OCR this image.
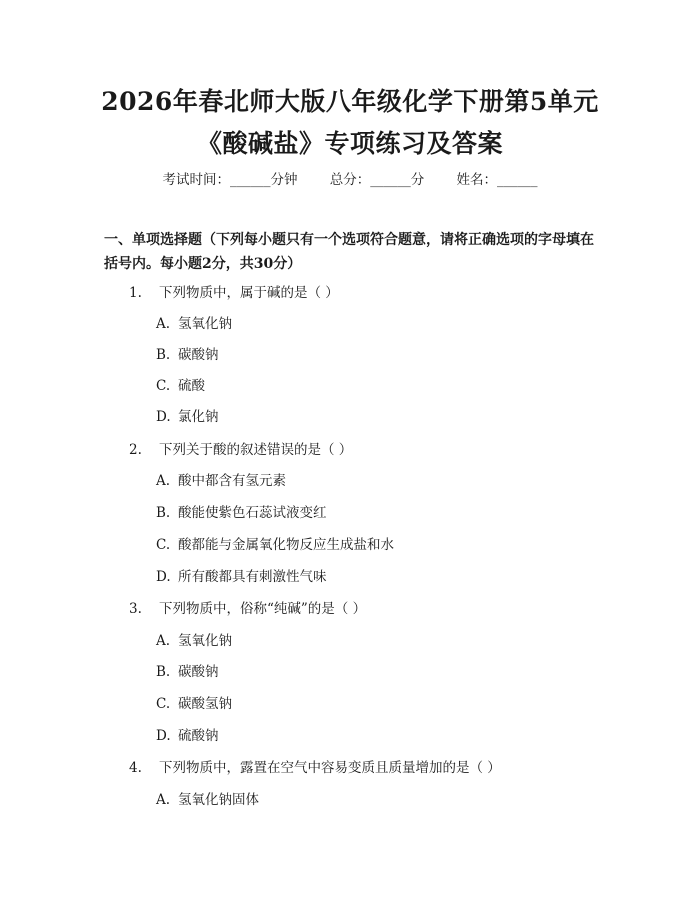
2026年春北师大版八年级化学下册第5单元
《酸碱盐》专项练习及答案
考试时间：______分钟 总分：______分 姓名：______

一、单项选择题（下列每小题只有一个选项符合题意，请将正确选项的字母填在括号内。每小题2分，共30分）

1. 下列物质中，属于碱的是（ ）
A. 氢氧化钠
B. 碳酸钠
C. 硫酸
D. 氯化钠
2. 下列关于酸的叙述错误的是（ ）
A. 酸中都含有氢元素
B. 酸能使紫色石蕊试液变红
C. 酸都能与金属氧化物反应生成盐和水
D. 所有酸都具有刺激性气味
3. 下列物质中，俗称“纯碱”的是（ ）
A. 氢氧化钠
B. 碳酸钠
C. 碳酸氢钠
D. 硫酸钠
4. 下列物质中，露置在空气中容易变质且质量增加的是（ ）
A. 氢氧化钠固体
